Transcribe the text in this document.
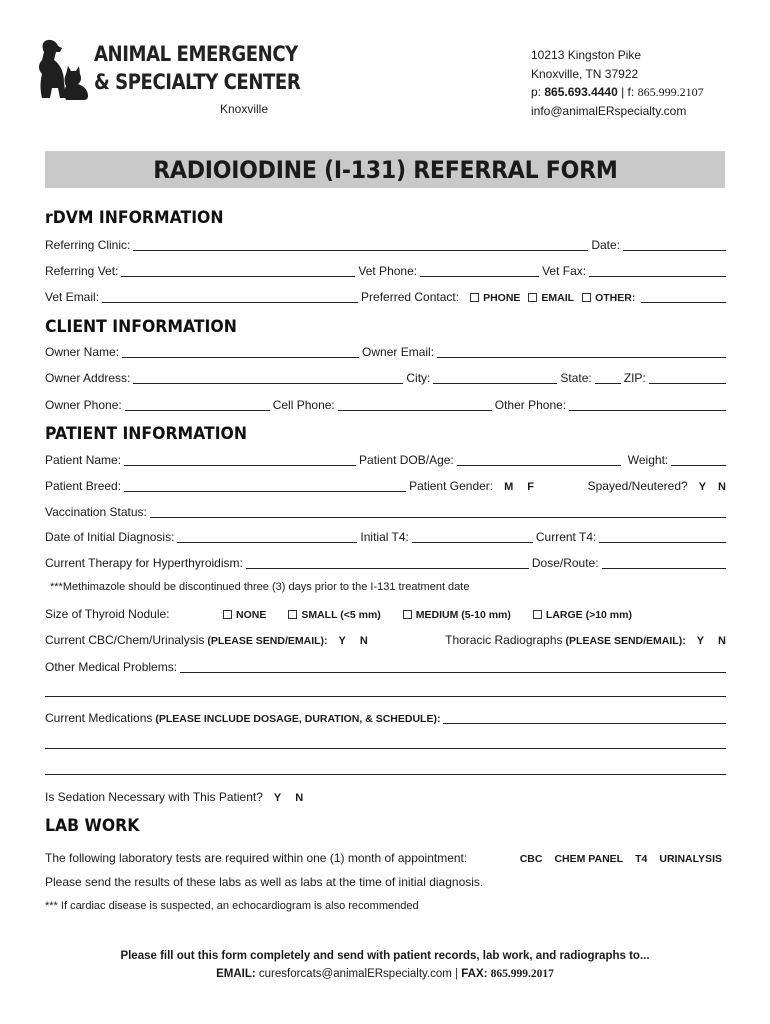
ANIMAL EMERGENCY
& SPECIALTY CENTER
Knoxville
10213 Kingston Pike
Knoxville, TN 37922
p: 865.693.4440 | f: 865.999.2107
info@animalERspecialty.com
RADIOIODINE (I-131) REFERRAL FORM
rDVM INFORMATION
Referring Clinic:	Date:
Referring Vet:	Vet Phone:	Vet Fax:
Vet Email:	Preferred Contact: PHONE EMAIL OTHER:
CLIENT INFORMATION
Owner Name:	Owner Email:
Owner Address:	City:	State:	ZIP:
Owner Phone:	Cell Phone:	Other Phone:
PATIENT INFORMATION
Patient Name:	Patient DOB/Age:	Weight:
Patient Breed:	Patient Gender:	M	F	Spayed/Neutered?	Y	N
Vaccination Status:
Date of Initial Diagnosis:	Initial T4:	Current T4:
Current Therapy for Hyperthyroidism:	Dose/Route:
***Methimazole should be discontinued three (3) days prior to the I-131 treatment date
Size of Thyroid Nodule:	NONE	SMALL (<5 mm)	MEDIUM (5-10 mm)	LARGE (>10 mm)
Current CBC/Chem/Urinalysis (PLEASE SEND/EMAIL):	Y	N	Thoracic Radiographs (PLEASE SEND/EMAIL):	Y	N
Other Medical Problems:
Current Medications (PLEASE INCLUDE DOSAGE, DURATION, & SCHEDULE):
Is Sedation Necessary with This Patient?	Y	N
LAB WORK
The following laboratory tests are required within one (1) month of appointment:	CBC	CHEM PANEL	T4	URINALYSIS
Please send the results of these labs as well as labs at the time of initial diagnosis.
*** If cardiac disease is suspected, an echocardiogram is also recommended
Please fill out this form completely and send with patient records, lab work, and radiographs to...
EMAIL: curesforcats@animalERspecialty.com | FAX: 865.999.2017
